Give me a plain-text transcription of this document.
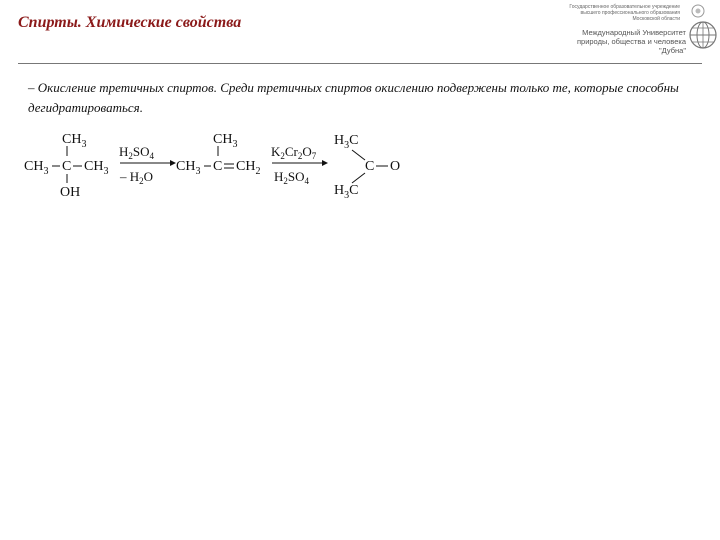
Спирты. Химические свойства
Государственное образовательное учреждение
высшего профессионального образования
Московской области
Международный Университет
природы, общества и человека
"Дубна"
– Окисление третичных спиртов. Среди третичных спиртов окислению подвержены только те, которые способны дегидратироваться.
$CH_3$
$CH_3$ C $CH_3$
OH
$H_2SO_4$
– $H_2O$
$CH_3$
$CH_3$ C $CH_2$
$K_2Cr_2O_7$
$H_2SO_4$
$H_3C$
C O
$H_3C$
